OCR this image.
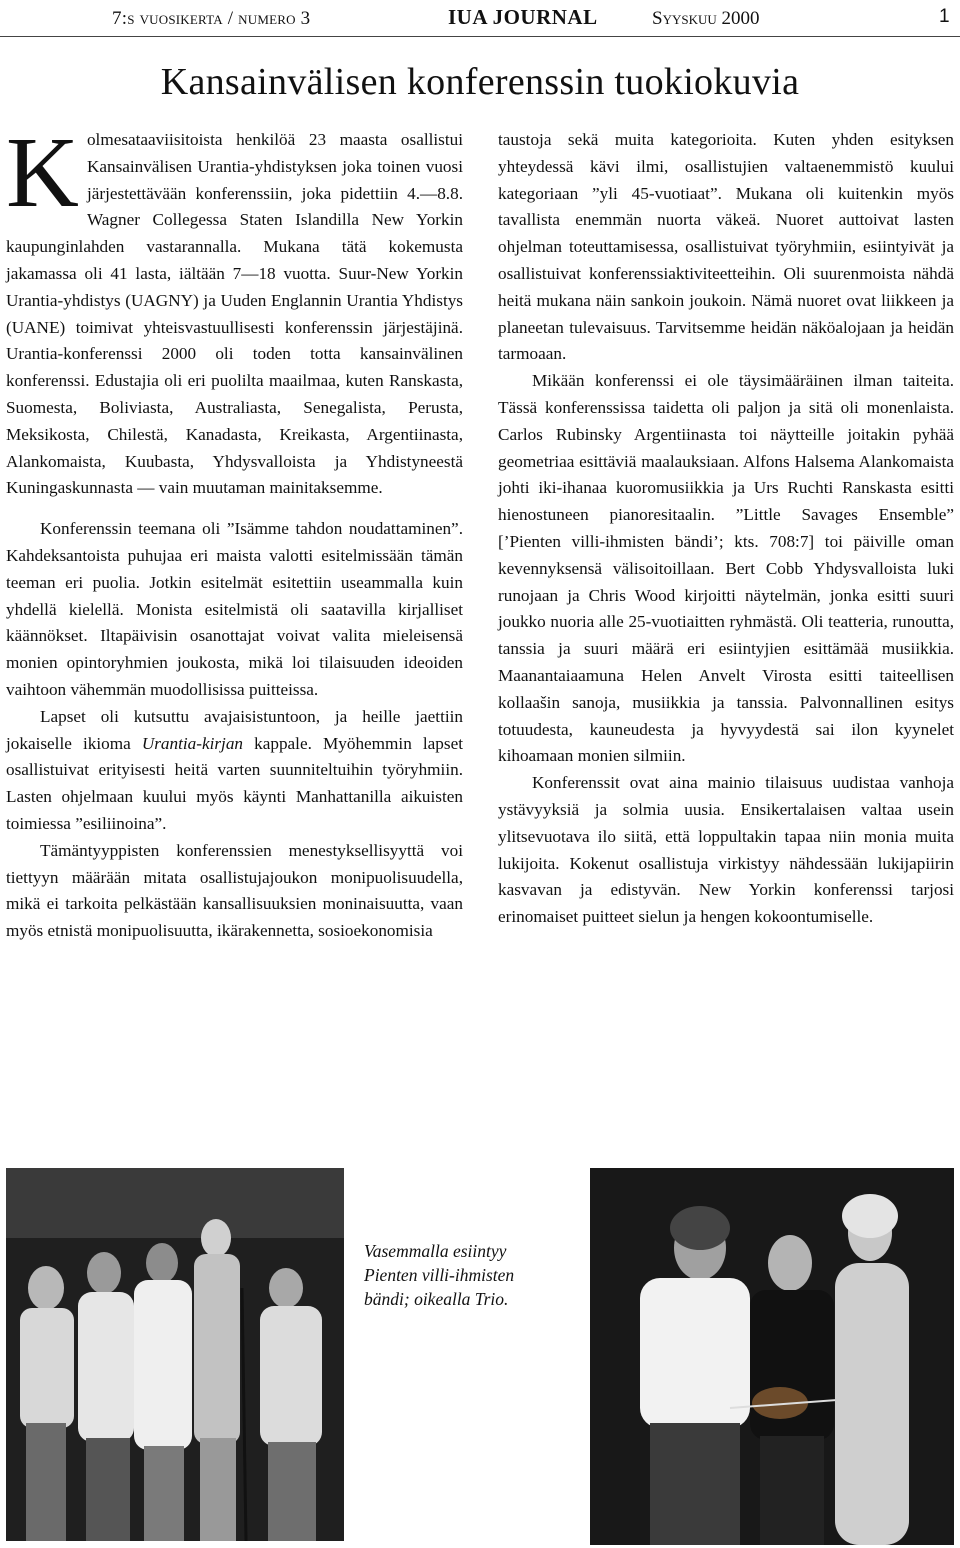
7:s vuosikerta / numero 3	IUA JOURNAL	Syyskuu 2000	1
Kansainvälisen konferenssin tuokiokuvia

Kolmesataaviisitoista henkilöä 23 maasta osallistui Kansainvälisen Urantia-yhdistyksen joka toinen vuosi järjestettävään konferenssiin, joka pidettiin 4.—8.8. Wagner Collegessa Staten Islandilla New Yorkin kaupunginlahden vastarannalla. Mukana tätä kokemusta jakamassa oli 41 lasta, iältään 7—18 vuotta. Suur-New Yorkin Urantia-yhdistys (UAGNY) ja Uuden Englannin Urantia Yhdistys (UANE) toimivat yhteisvastuullisesti konferenssin järjestäjinä. Urantia-konferenssi 2000 oli toden totta kansainvälinen konferenssi. Edustajia oli eri puolilta maailmaa, kuten Ranskasta, Suomesta, Boliviasta, Australiasta, Senegalista, Perusta, Meksikosta, Chilestä, Kanadasta, Kreikasta, Argentiinasta, Alankomaista, Kuubasta, Yhdysvalloista ja Yhdistyneestä Kuningaskunnasta — vain muutaman mainitaksemme.

Konferenssin teemana oli ”Isämme tahdon noudattaminen”. Kahdeksantoista puhujaa eri maista valotti esitelmissään tämän teeman eri puolia. Jotkin esitelmät esitettiin useammalla kuin yhdellä kielellä. Monista esitelmistä oli saatavilla kirjalliset käännökset. Iltapäivisin osanottajat voivat valita mieleisensä monien opintoryhmien joukosta, mikä loi tilaisuuden ideoiden vaihtoon vähemmän muodollisissa puitteissa.

Lapset oli kutsuttu avajaisistuntoon, ja heille jaettiin jokaiselle ikioma Urantia-kirjan kappale. Myöhemmin lapset osallistuivat erityisesti heitä varten suunniteltuihin työryhmiin. Lasten ohjelmaan kuului myös käynti Manhattanilla aikuisten toimiessa ”esiliinoina”.

Tämäntyyppisten konferenssien menestyksellisyyttä voi tiettyyn määrään mitata osallistujajoukon monipuolisuudella, mikä ei tarkoita pelkästään kansallisuuksien moninaisuutta, vaan myös etnistä monipuolisuutta, ikärakennetta, sosioekonomisia

taustoja sekä muita kategorioita. Kuten yhden esityksen yhteydessä kävi ilmi, osallistujien valtaenemmistö kuului kategoriaan ”yli 45-vuotiaat”. Mukana oli kuitenkin myös tavallista enemmän nuorta väkeä. Nuoret auttoivat lasten ohjelman toteuttamisessa, osallistuivat työryhmiin, esiintyivät ja osallistuivat konferenssiaktiviteetteihin. Oli suurenmoista nähdä heitä mukana näin sankoin joukoin. Nämä nuoret ovat liikkeen ja planeetan tulevaisuus. Tarvitsemme heidän näköalojaan ja heidän tarmoaan.

Mikään konferenssi ei ole täysimääräinen ilman taiteita. Tässä konferenssissa taidetta oli paljon ja sitä oli monenlaista. Carlos Rubinsky Argentiinasta toi näytteille joitakin pyhää geometriaa esittäviä maalauksiaan. Alfons Halsema Alankomaista johti iki-ihanaa kuoromusiikkia ja Urs Ruchti Ranskasta esitti hienostuneen pianoresitaalin. ”Little Savages Ensemble” [’Pienten villi-ihmisten bändi’; kts. 708:7] toi päiville oman kevennyksensä välisoitoillaan. Bert Cobb Yhdysvalloista luki runojaan ja Chris Wood kirjoitti näytelmän, jonka esitti suuri joukko nuoria alle 25-vuotiaitten ryhmästä. Oli teatteria, runoutta, tanssia ja suuri määrä eri esiintyjien esittämää musiikkia. Maanantaiaamuna Helen Anvelt Virosta esitti taiteellisen kollaašin sanoja, musiikkia ja tanssia. Palvonnallinen esitys totuudesta, kauneudesta ja hyvyydestä sai ilon kyynelet kihoamaan monien silmiin.

Konferenssit ovat aina mainio tilaisuus uudistaa vanhoja ystävyyksiä ja solmia uusia. Ensikertalaisen valtaa usein ylitsevuotava ilo siitä, että loppultakin tapaa niin monia muita lukijoita. Kokenut osallistuja virkistyy nähdessään lukijapiirin kasvavan ja edistyvän. New Yorkin konferenssi tarjosi erinomaiset puitteet sielun ja hengen kokoontumiselle.

Vasemmalla esiintyy

Pienten villi-ihmisten

bändi; oikealla Trio.
